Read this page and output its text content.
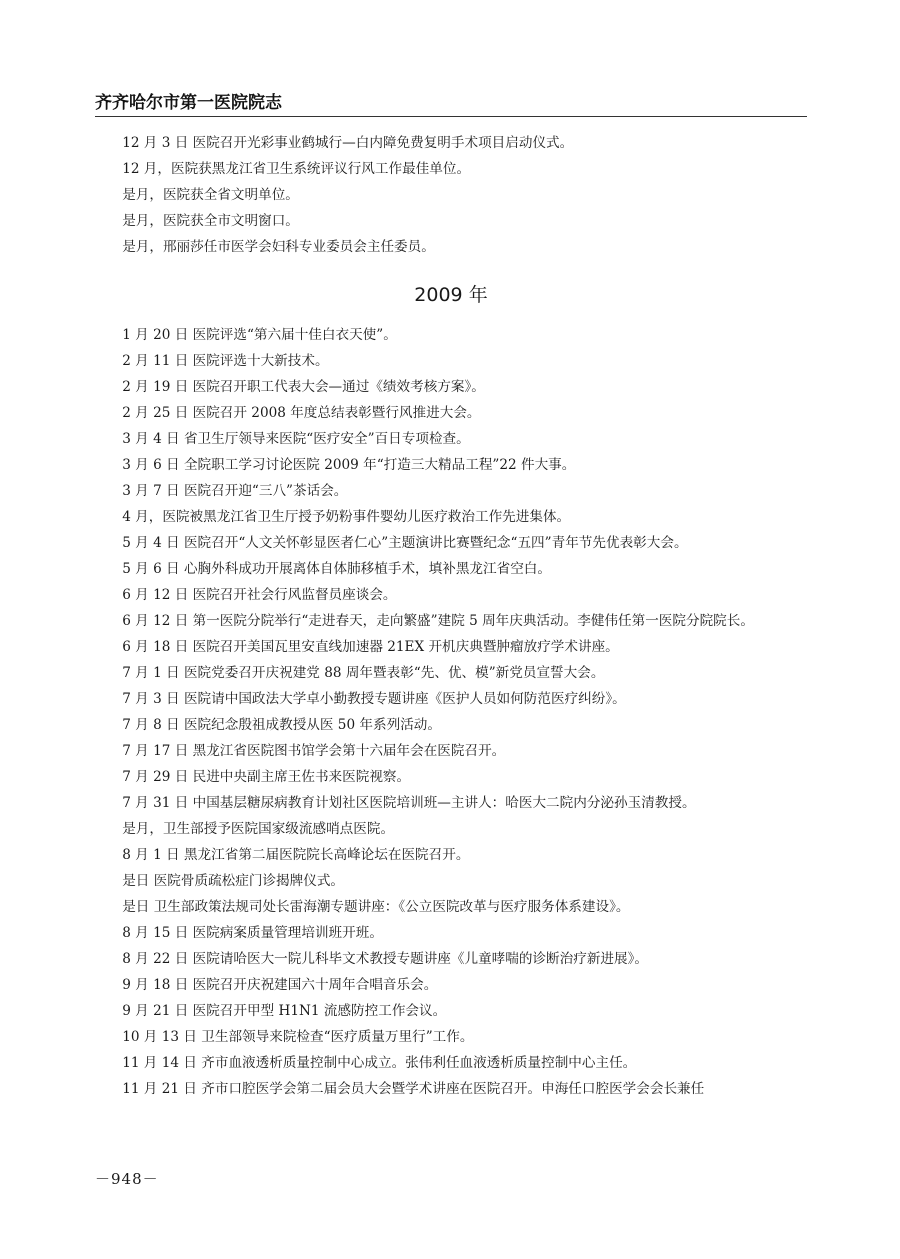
齐齐哈尔市第一医院院志

12 月 3 日 医院召开光彩事业鹤城行—白内障免费复明手术项目启动仪式。

12 月，医院获黑龙江省卫生系统评议行风工作最佳单位。

是月，医院获全省文明单位。

是月，医院获全市文明窗口。

是月，邢丽莎任市医学会妇科专业委员会主任委员。

2009 年

1 月 20 日 医院评选“第六届十佳白衣天使”。

2 月 11 日 医院评选十大新技术。

2 月 19 日 医院召开职工代表大会—通过《绩效考核方案》。

2 月 25 日 医院召开 2008 年度总结表彰暨行风推进大会。

3 月 4 日 省卫生厅领导来医院“医疗安全”百日专项检查。

3 月 6 日 全院职工学习讨论医院 2009 年“打造三大精品工程”22 件大事。

3 月 7 日 医院召开迎“三八”茶话会。

4 月，医院被黑龙江省卫生厅授予奶粉事件婴幼儿医疗救治工作先进集体。

5 月 4 日 医院召开“人文关怀彰显医者仁心”主题演讲比赛暨纪念“五四”青年节先优表彰大会。

5 月 6 日 心胸外科成功开展离体自体肺移植手术，填补黑龙江省空白。

6 月 12 日 医院召开社会行风监督员座谈会。

6 月 12 日 第一医院分院举行“走进春天，走向繁盛”建院 5 周年庆典活动。李健伟任第一医院分院院长。

6 月 18 日 医院召开美国瓦里安直线加速器 21EX 开机庆典暨肿瘤放疗学术讲座。

7 月 1 日 医院党委召开庆祝建党 88 周年暨表彰“先、优、模”新党员宣誓大会。

7 月 3 日 医院请中国政法大学卓小勤教授专题讲座《医护人员如何防范医疗纠纷》。

7 月 8 日 医院纪念殷祖成教授从医 50 年系列活动。

7 月 17 日 黑龙江省医院图书馆学会第十六届年会在医院召开。

7 月 29 日 民进中央副主席王佐书来医院视察。

7 月 31 日 中国基层糖尿病教育计划社区医院培训班—主讲人：哈医大二院内分泌孙玉清教授。

是月，卫生部授予医院国家级流感哨点医院。

8 月 1 日 黑龙江省第二届医院院长高峰论坛在医院召开。

是日 医院骨质疏松症门诊揭牌仪式。

是日 卫生部政策法规司处长雷海潮专题讲座：《公立医院改革与医疗服务体系建设》。

8 月 15 日 医院病案质量管理培训班开班。

8 月 22 日 医院请哈医大一院儿科毕文术教授专题讲座《儿童哮喘的诊断治疗新进展》。

9 月 18 日 医院召开庆祝建国六十周年合唱音乐会。

9 月 21 日 医院召开甲型 H1N1 流感防控工作会议。

10 月 13 日 卫生部领导来院检查“医疗质量万里行”工作。

11 月 14 日 齐市血液透析质量控制中心成立。张伟利任血液透析质量控制中心主任。

11 月 21 日 齐市口腔医学会第二届会员大会暨学术讲座在医院召开。申海任口腔医学会会长兼任

－948－
